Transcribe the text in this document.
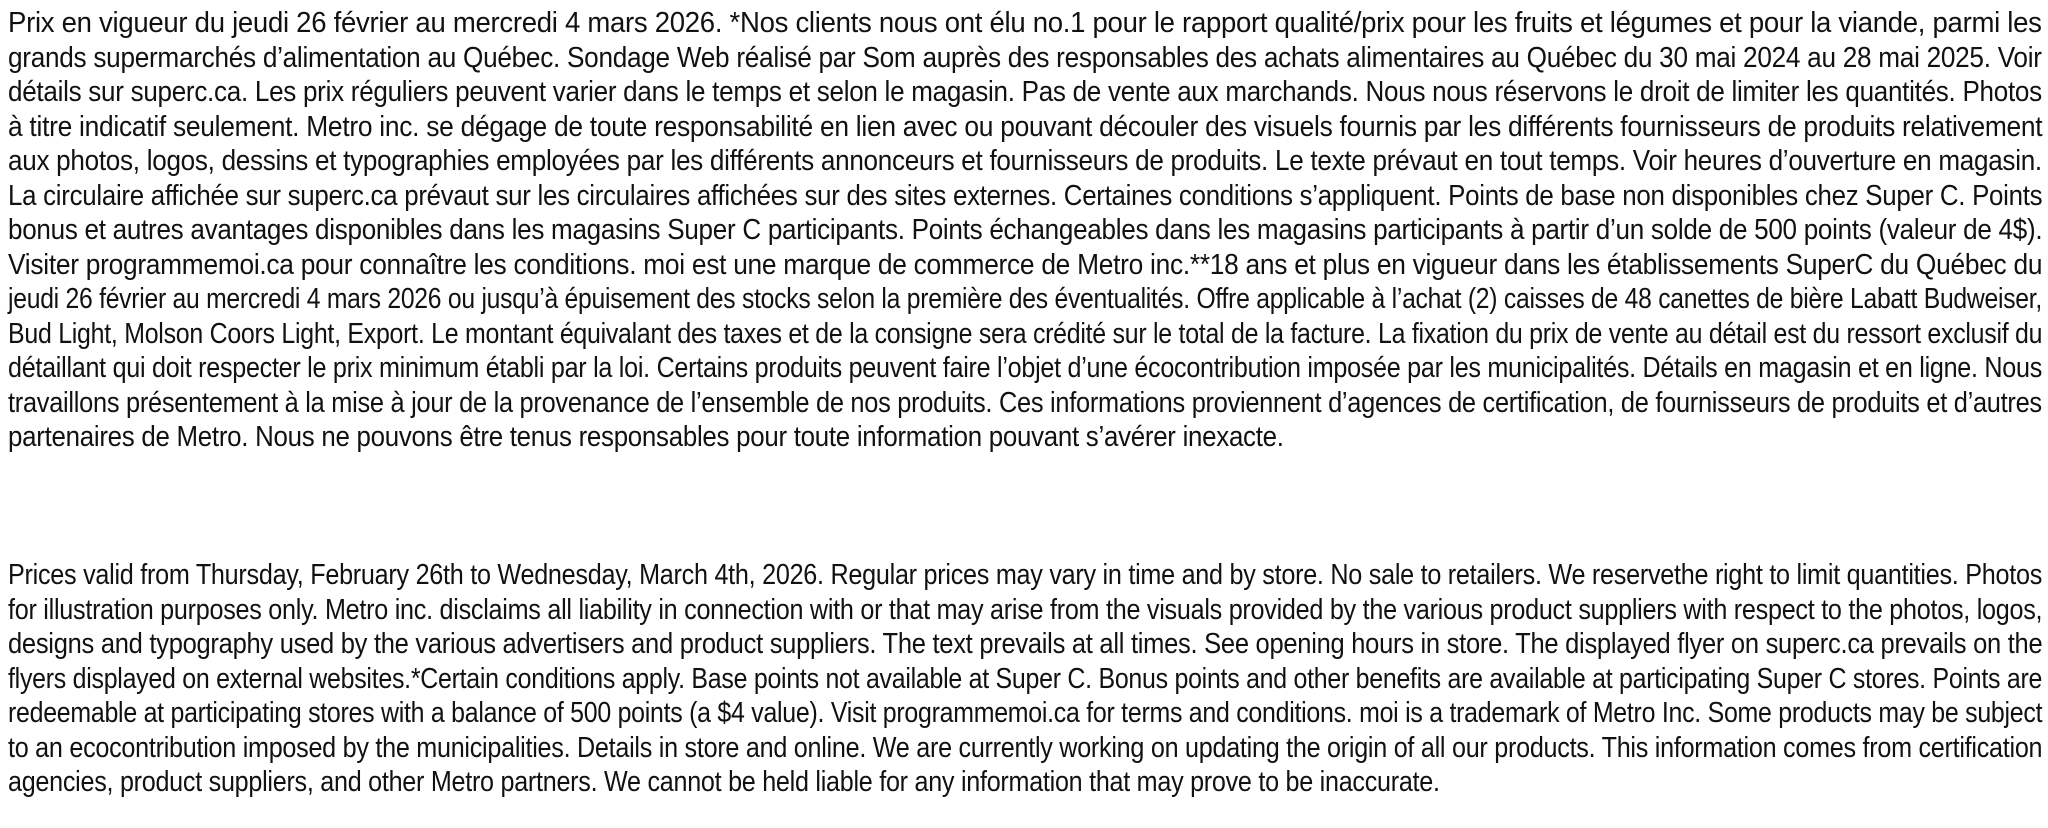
Prix en vigueur du jeudi 26 février au mercredi 4 mars 2026. *Nos clients nous ont élu no.1 pour le rapport qualité/prix pour les fruits et légumes et pour la viande, parmi les
grands supermarchés d’alimentation au Québec. Sondage Web réalisé par Som auprès des responsables des achats alimentaires au Québec du 30 mai 2024 au 28 mai 2025. Voir
détails sur superc.ca. Les prix réguliers peuvent varier dans le temps et selon le magasin. Pas de vente aux marchands. Nous nous réservons le droit de limiter les quantités. Photos
à titre indicatif seulement. Metro inc. se dégage de toute responsabilité en lien avec ou pouvant découler des visuels fournis par les différents fournisseurs de produits relativement
aux photos, logos, dessins et typographies employées par les différents annonceurs et fournisseurs de produits. Le texte prévaut en tout temps. Voir heures d’ouverture en magasin.
La circulaire affichée sur superc.ca prévaut sur les circulaires affichées sur des sites externes. Certaines conditions s’appliquent. Points de base non disponibles chez Super C. Points
bonus et autres avantages disponibles dans les magasins Super C participants. Points échangeables dans les magasins participants à partir d’un solde de 500 points (valeur de 4$).
Visiter programmemoi.ca pour connaître les conditions. moi est une marque de commerce de Metro inc.**18 ans et plus en vigueur dans les établissements SuperC du Québec du
jeudi 26 février au mercredi 4 mars 2026 ou jusqu’à épuisement des stocks selon la première des éventualités. Offre applicable à l’achat (2) caisses de 48 canettes de bière Labatt Budweiser,
Bud Light, Molson Coors Light, Export. Le montant équivalant des taxes et de la consigne sera crédité sur le total de la facture. La fixation du prix de vente au détail est du ressort exclusif du
détaillant qui doit respecter le prix minimum établi par la loi. Certains produits peuvent faire l’objet d’une écocontribution imposée par les municipalités. Détails en magasin et en ligne. Nous
travaillons présentement à la mise à jour de la provenance de l’ensemble de nos produits. Ces informations proviennent d’agences de certification, de fournisseurs de produits et d’autres
partenaires de Metro. Nous ne pouvons être tenus responsables pour toute information pouvant s’avérer inexacte.
Prices valid from Thursday, February 26th to Wednesday, March 4th, 2026. Regular prices may vary in time and by store. No sale to retailers. We reservethe right to limit quantities. Photos
for illustration purposes only. Metro inc. disclaims all liability in connection with or that may arise from the visuals provided by the various product suppliers with respect to the photos, logos,
designs and typography used by the various advertisers and product suppliers. The text prevails at all times. See opening hours in store. The displayed flyer on superc.ca prevails on the
flyers displayed on external websites.*Certain conditions apply. Base points not available at Super C. Bonus points and other benefits are available at participating Super C stores. Points are
redeemable at participating stores with a balance of 500 points (a $4 value). Visit programmemoi.ca for terms and conditions. moi is a trademark of Metro Inc. Some products may be subject
to an ecocontribution imposed by the municipalities. Details in store and online. We are currently working on updating the origin of all our products. This information comes from certification
agencies, product suppliers, and other Metro partners. We cannot be held liable for any information that may prove to be inaccurate.
